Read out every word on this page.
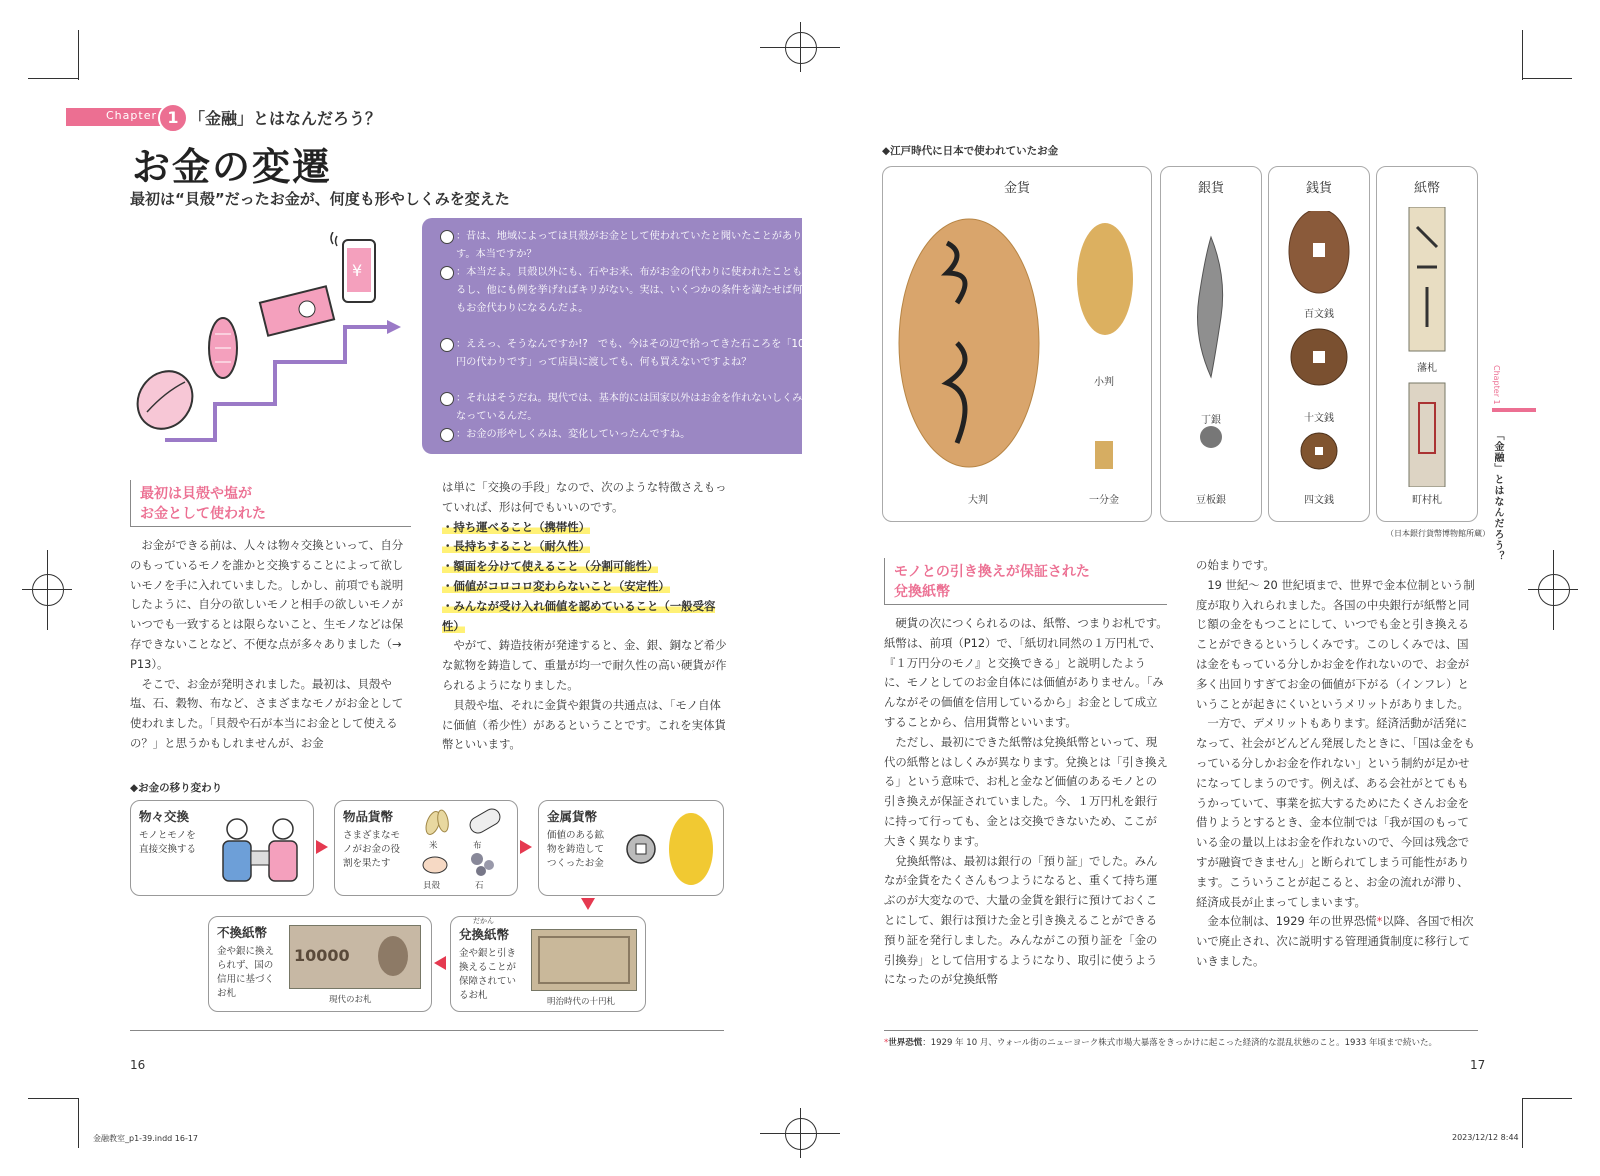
Chapter 1 「金融」とはなんだろう？
お金の変遷
最初は“貝殻”だったお金が、何度も形やしくみを変えた
¥
：昔は、地域によっては貝殻がお金として使われていたと聞いたことがあります。本当ですか？
：本当だよ。貝殻以外にも、石やお米、布がお金の代わりに使われたこともあるし、他にも例を挙げればキリがない。実は、いくつかの条件を満たせば何でもお金代わりになるんだよ。
：ええっ、そうなんですか!?　でも、今はその辺で拾ってきた石ころを「100円の代わりです」って店員に渡しても、何も買えないですよね？
：それはそうだね。現代では、基本的には国家以外はお金を作れないしくみになっているんだ。
：お金の形やしくみは、変化していったんですね。
最初は貝殻や塩が
お金として使われた

お金ができる前は、人々は物々交換といって、自分のもっているモノを誰かと交換することによって欲しいモノを手に入れていました。しかし、前項でも説明したように、自分の欲しいモノと相手の欲しいモノがいつでも一致するとは限らないこと、生モノなどは保存できないことなど、不便な点が多々ありました（→ P13）。

そこで、お金が発明されました。最初は、貝殻や塩、石、穀物、布など、さまざまなモノがお金として使われました。「貝殻や石が本当にお金として使えるの？」と思うかもしれませんが、お金

は単に「交換の手段」なので、次のような特徴さえもっていれば、形は何でもいいのです。
・持ち運べること（携帯性）
・長持ちすること（耐久性）
・額面を分けて使えること（分割可能性）
・価値がコロコロ変わらないこと（安定性）
・みんなが受け入れ価値を認めていること（一般受容性）

やがて、鋳造技術が発達すると、金、銀、銅など希少な鉱物を鋳造して、重量が均一で耐久性の高い硬貨が作られるようになりました。

貝殻や塩、それに金貨や銀貨の共通点は、「モノ自体に価値（希少性）があるということです。これを実体貨幣といいます。

◆お金の移り変わり
物々交換
モノとモノを
直接交換する
物品貨幣
さまざまなモ
ノがお金の役
割を果たす
米	布
貝殻	石
金属貨幣
価値のある鉱
物を鋳造して
つくったお金
だかん
兌換紙幣
金や銀と引き
換えることが
保障されてい
るお札
明治時代の十円札
不換紙幣
金や銀に換え
られず、国の
信用に基づく
お札
10000
現代のお札
16
◆江戸時代に日本で使われていたお金
金貨
大判
小判
一分金
銀貨
丁銀
豆板銀
銭貨
百文銭
十文銭
四文銭
紙幣
藩札
町村札
（日本銀行貨幣博物館所蔵）
モノとの引き換えが保証された
兌換紙幣

硬貨の次につくられるのは、紙幣、つまりお札です。紙幣は、前項（P12）で、「紙切れ同然の１万円札で、『１万円分のモノ』と交換できる」と説明したように、モノとしてのお金自体には価値がありません。「みんながその価値を信用しているから」お金として成立することから、信用貨幣といいます。

ただし、最初にできた紙幣は兌換紙幣といって、現代の紙幣とはしくみが異なります。兌換とは「引き換える」という意味で、お札と金など価値のあるモノとの引き換えが保証されていました。今、１万円札を銀行に持って行っても、金とは交換できないため、ここが大きく異なります。

兌換紙幣は、最初は銀行の「預り証」でした。みんなが金貨をたくさんもつようになると、重くて持ち運ぶのが大変なので、大量の金貨を銀行に預けておくことにして、銀行は預けた金と引き換えることができる預り証を発行しました。みんながこの預り証を「金の引換券」として信用するようになり、取引に使うようになったのが兌換紙幣

の始まりです。

19 世紀～ 20 世紀頃まで、世界で金本位制という制度が取り入れられました。各国の中央銀行が紙幣と同じ額の金をもつことにして、いつでも金と引き換えることができるというしくみです。このしくみでは、国は金をもっている分しかお金を作れないので、お金が多く出回りすぎてお金の価値が下がる（インフレ）ということが起きにくいというメリットがありました。

一方で、デメリットもあります。経済活動が活発になって、社会がどんどん発展したときに、「国は金をもっている分しかお金を作れない」という制約が足かせになってしまうのです。例えば、ある会社がとてももうかっていて、事業を拡大するためにたくさんお金を借りようとするとき、金本位制では「我が国のもっている金の量以上はお金を作れないので、今回は残念ですが融資できません」と断られてしまう可能性があります。こういうことが起こると、お金の流れが滞り、経済成長が止まってしまいます。

金本位制は、1929 年の世界恐慌*以降、各国で相次いで廃止され、次に説明する管理通貨制度に移行していきました。

*世界恐慌：1929 年 10 月、ウォール街のニューヨーク株式市場大暴落をきっかけに起こった経済的な混乱状態のこと。1933 年頃まで続いた。
17
Chapter 1
「金融」とはなんだろう？
金融教室_p1-39.indd 16-17	2023/12/12 8:44
